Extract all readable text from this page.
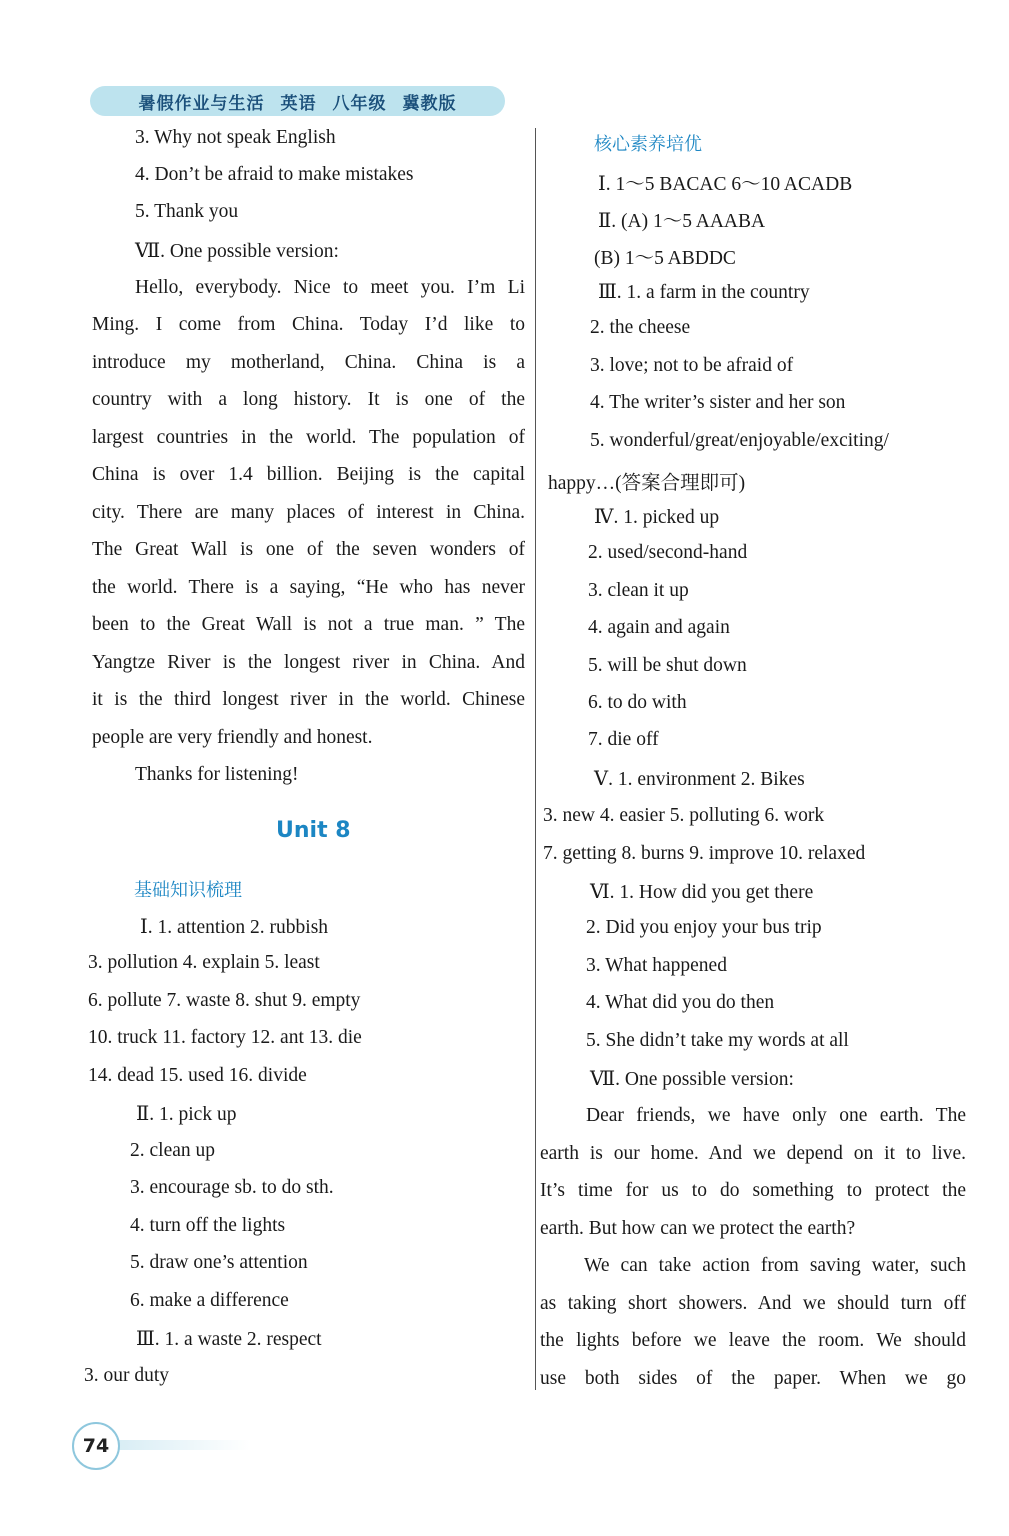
暑假作业与生活 英语 八年级 冀教版
3. Why not speak English
4. Don’t be afraid to make mistakes
5. Thank you
Ⅶ. One possible version:
Hello, everybody. Nice to meet you. I’m Li
Ming. I come from China. Today I’d like to
introduce my motherland, China. China is a
country with a long history. It is one of the
largest countries in the world. The population of
China is over 1.4 billion. Beijing is the capital
city. There are many places of interest in China.
The Great Wall is one of the seven wonders of
the world. There is a saying, “He who has never
been to the Great Wall is not a true man. ” The
Yangtze River is the longest river in China. And
it is the third longest river in the world. Chinese
people are very friendly and honest.
Thanks for listening!
Unit 8
基础知识梳理
Ⅰ. 1. attention 2. rubbish
3. pollution 4. explain 5. least
6. pollute 7. waste 8. shut 9. empty
10. truck 11. factory 12. ant 13. die
14. dead 15. used 16. divide
Ⅱ. 1. pick up
2. clean up
3. encourage sb. to do sth.
4. turn off the lights
5. draw one’s attention
6. make a difference
Ⅲ. 1. a waste 2. respect
3. our duty
核心素养培优
Ⅰ. 1～5 BACAC 6～10 ACADB
Ⅱ. (A) 1～5 AAABA
(B) 1～5 ABDDC
Ⅲ. 1. a farm in the country
2. the cheese
3. love; not to be afraid of
4. The writer’s sister and her son
5. wonderful/great/enjoyable/exciting/
happy…(答案合理即可)
Ⅳ. 1. picked up
2. used/second-hand
3. clean it up
4. again and again
5. will be shut down
6. to do with
7. die off
Ⅴ. 1. environment 2. Bikes
3. new 4. easier 5. polluting 6. work
7. getting 8. burns 9. improve 10. relaxed
Ⅵ. 1. How did you get there
2. Did you enjoy your bus trip
3. What happened
4. What did you do then
5. She didn’t take my words at all
Ⅶ. One possible version:
Dear friends, we have only one earth. The
earth is our home. And we depend on it to live.
It’s time for us to do something to protect the
earth. But how can we protect the earth?
We can take action from saving water, such
as taking short showers. And we should turn off
the lights before we leave the room. We should
use both sides of the paper. When we go
74
